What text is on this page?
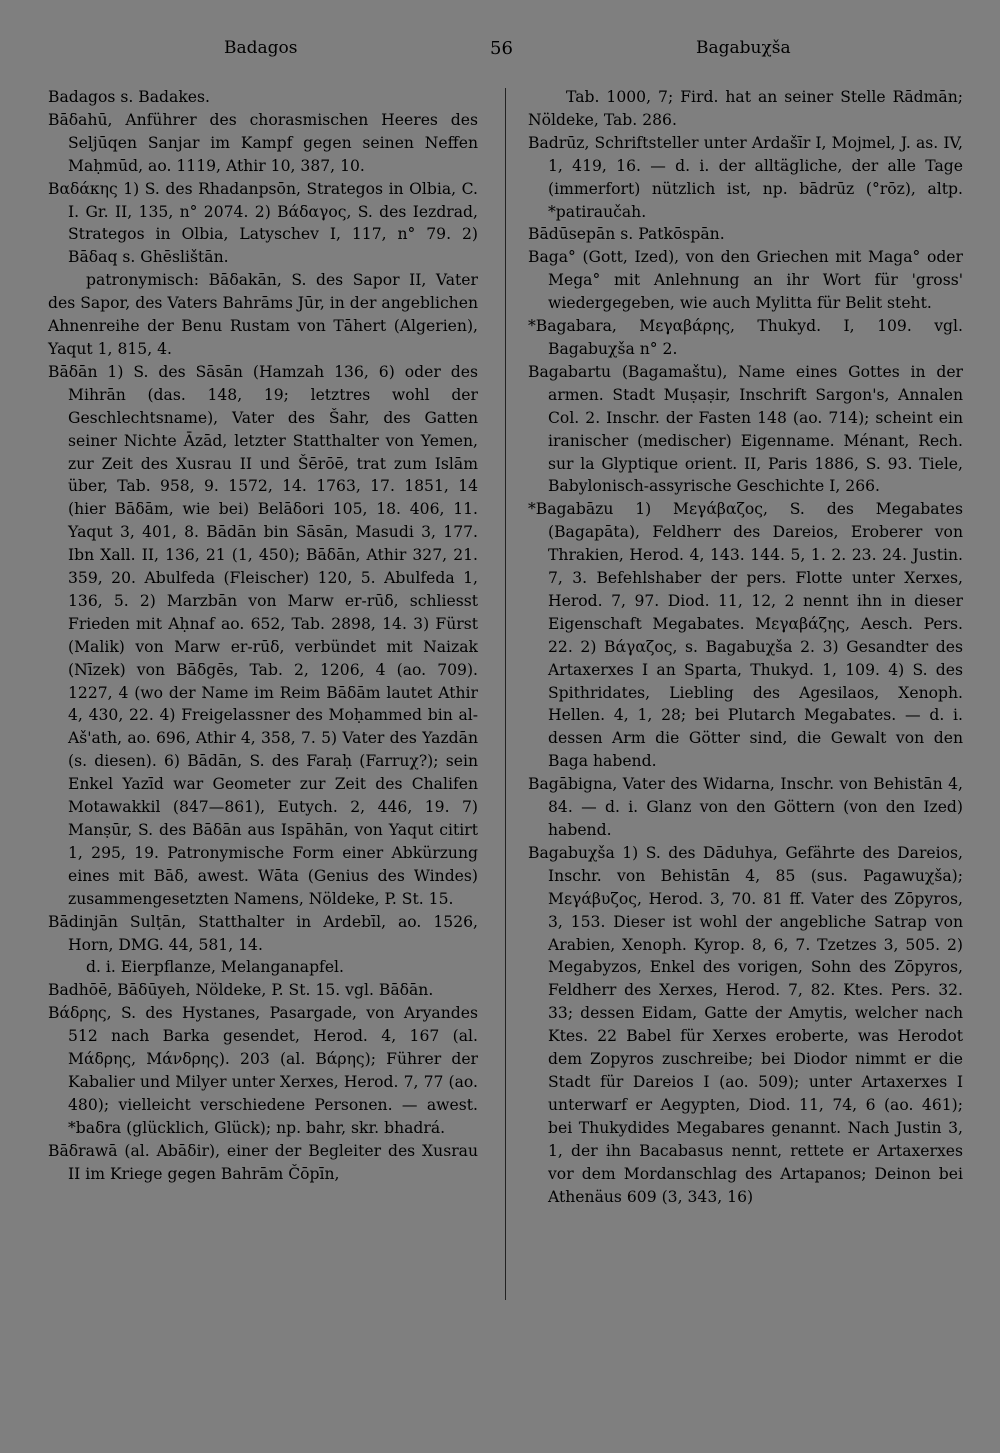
Badagos	56	Bagabuχša

Badagos s. Badakes.

Bāδahū, Anführer des chorasmischen Heeres des Seljūqen Sanjar im Kampf gegen seinen Neffen Maḥmūd, ao. 1119, Athir 10, 387, 10.

Βαδάκης 1) S. des Rhadanpsōn, Strategos in Olbia, C. I. Gr. II, 135, n° 2074. 2) Βάδαγος, S. des Iezdrad, Strategos in Olbia, Latyschev I, 117, n° 79. 2) Bāδaq s. Ghēslištān.

patronymisch: Bāδakān, S. des Sapor II, Vater des Sapor, des Vaters Bahrāms Jūr, in der angeblichen Ahnenreihe der Benu Rustam von Tāhert (Algerien), Yaqut 1, 815, 4.

Bāδān 1) S. des Sāsān (Hamzah 136, 6) oder des Mihrān (das. 148, 19; letztres wohl der Geschlechtsname), Vater des Šahr, des Gatten seiner Nichte Āzād, letzter Statthalter von Yemen, zur Zeit des Xusrau II und Šērōē, trat zum Islām über, Tab. 958, 9. 1572, 14. 1763, 17. 1851, 14 (hier Bāδām, wie bei) Belāδori 105, 18. 406, 11. Yaqut 3, 401, 8. Bādān bin Sāsān, Masudi 3, 177. Ibn Xall. II, 136, 21 (1, 450); Bāδān, Athir 327, 21. 359, 20. Abulfeda (Fleischer) 120, 5. Abulfeda 1, 136, 5. 2) Marzbān von Marw er-rūδ, schliesst Frieden mit Aḥnaf ao. 652, Tab. 2898, 14. 3) Fürst (Malik) von Marw er-rūδ, verbündet mit Naizak (Nīzek) von Bāδgēs, Tab. 2, 1206, 4 (ao. 709). 1227, 4 (wo der Name im Reim Bāδām lautet Athir 4, 430, 22. 4) Freigelassner des Moḥammed bin al-Aš'ath, ao. 696, Athir 4, 358, 7. 5) Vater des Yazdān (s. diesen). 6) Bādān, S. des Faraḥ (Farruχ?); sein Enkel Yazīd war Geometer zur Zeit des Chalifen Motawakkil (847—861), Eutych. 2, 446, 19. 7) Manṣūr, S. des Bāδān aus Ispāhān, von Yaqut citirt 1, 295, 19. Patronymische Form einer Abkürzung eines mit Bāδ, awest. Wāta (Genius des Windes) zusammengesetzten Namens, Nöldeke, P. St. 15.

Bādinjān Sulṭān, Statthalter in Ardebīl, ao. 1526, Horn, DMG. 44, 581, 14.

d. i. Eierpflanze, Melanganapfel.

Badhōē, Bāδūyeh, Nöldeke, P. St. 15. vgl. Bāδān.

Βάδρης, S. des Hystanes, Pasargade, von Aryandes 512 nach Barka gesendet, Herod. 4, 167 (al. Μάδρης, Μάνδρης). 203 (al. Βάρης); Führer der Kabalier und Milyer unter Xerxes, Herod. 7, 77 (ao. 480); vielleicht verschiedene Personen. — awest. *baδra (glücklich, Glück); np. bahr, skr. bhadrá.

Bāδrawā (al. Abāδir), einer der Begleiter des Xusrau II im Kriege gegen Bahrām Čōpīn,

Tab. 1000, 7; Fird. hat an seiner Stelle Rādmān; Nöldeke, Tab. 286.

Badrūz, Schriftsteller unter Ardašīr I, Mojmel, J. as. IV, 1, 419, 16. — d. i. der alltägliche, der alle Tage (immerfort) nützlich ist, np. bādrūz (°rōz), altp. *patiraučah.

Bādūsepān s. Patkōspān.

Baga° (Gott, Ized), von den Griechen mit Maga° oder Mega° mit Anlehnung an ihr Wort für 'gross' wiedergegeben, wie auch Mylitta für Belit steht.

*Bagabara, Μεγαβάρης, Thukyd. I, 109. vgl. Bagabuχša n° 2.

Bagabartu (Bagamaštu), Name eines Gottes in der armen. Stadt Muṣaṣir, Inschrift Sargon's, Annalen Col. 2. Inschr. der Fasten 148 (ao. 714); scheint ein iranischer (medischer) Eigenname. Ménant, Rech. sur la Glyptique orient. II, Paris 1886, S. 93. Tiele, Babylonisch-assyrische Geschichte I, 266.

*Bagabāzu 1) Μεγάβαζος, S. des Megabates (Bagapāta), Feldherr des Dareios, Eroberer von Thrakien, Herod. 4, 143. 144. 5, 1. 2. 23. 24. Justin. 7, 3. Befehlshaber der pers. Flotte unter Xerxes, Herod. 7, 97. Diod. 11, 12, 2 nennt ihn in dieser Eigenschaft Megabates. Μεγαβάζης, Aesch. Pers. 22. 2) Βάγαζος, s. Bagabuχša 2. 3) Gesandter des Artaxerxes I an Sparta, Thukyd. 1, 109. 4) S. des Spithridates, Liebling des Agesilaos, Xenoph. Hellen. 4, 1, 28; bei Plutarch Megabates. — d. i. dessen Arm die Götter sind, die Gewalt von den Baga habend.

Bagābigna, Vater des Widarna, Inschr. von Behistān 4, 84. — d. i. Glanz von den Göttern (von den Ized) habend.

Bagabuχša 1) S. des Dāduhya, Gefährte des Dareios, Inschr. von Behistān 4, 85 (sus. Pagawuχša); Μεγάβυζος, Herod. 3, 70. 81 ff. Vater des Zōpyros, 3, 153. Dieser ist wohl der angebliche Satrap von Arabien, Xenoph. Kyrop. 8, 6, 7. Tzetzes 3, 505. 2) Megabyzos, Enkel des vorigen, Sohn des Zōpyros, Feldherr des Xerxes, Herod. 7, 82. Ktes. Pers. 32. 33; dessen Eidam, Gatte der Amytis, welcher nach Ktes. 22 Babel für Xerxes eroberte, was Herodot dem Zopyros zuschreibe; bei Diodor nimmt er die Stadt für Dareios I (ao. 509); unter Artaxerxes I unterwarf er Aegypten, Diod. 11, 74, 6 (ao. 461); bei Thukydides Megabares genannt. Nach Justin 3, 1, der ihn Bacabasus nennt, rettete er Artaxerxes vor dem Mordanschlag des Artapanos; Deinon bei Athenäus 609 (3, 343, 16)
